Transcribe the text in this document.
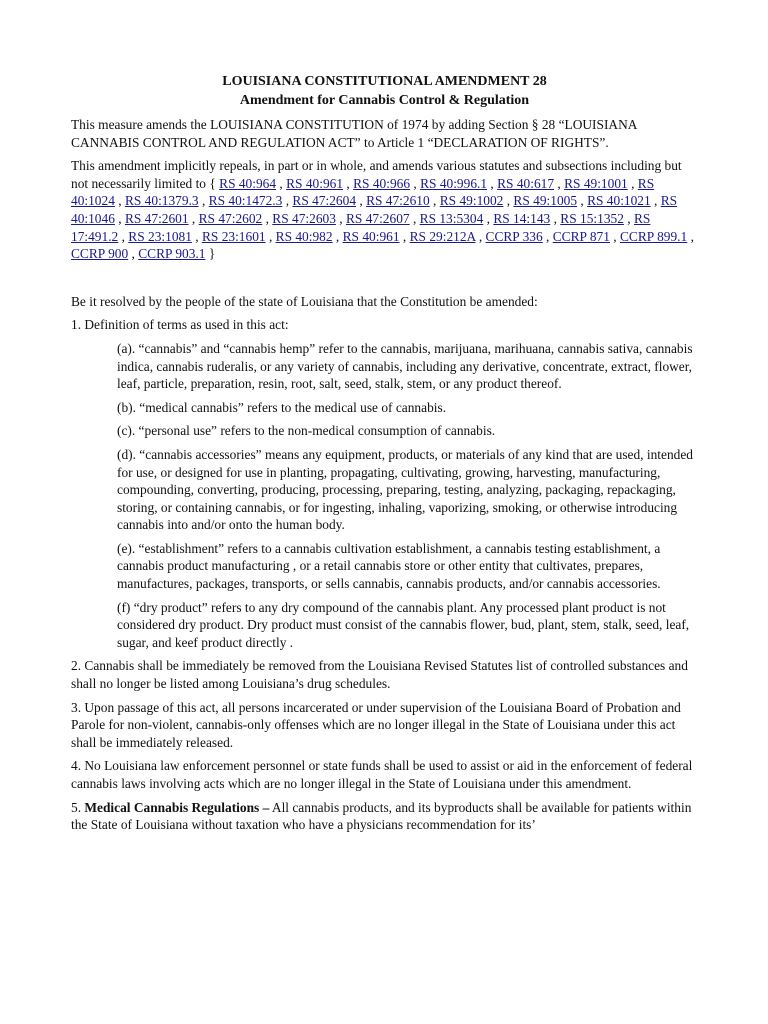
LOUISIANA CONSTITUTIONAL AMENDMENT 28
Amendment for Cannabis Control & Regulation

This measure amends the LOUISIANA CONSTITUTION of 1974 by adding Section § 28 “LOUISIANA CANNABIS CONTROL AND REGULATION ACT” to Article 1 “DECLARATION OF RIGHTS”.

This amendment implicitly repeals, in part or in whole, and amends various statutes and subsections including but not necessarily limited to { RS 40:964 , RS 40:961 , RS 40:966 , RS 40:996.1 , RS 40:617 , RS 49:1001 , RS 40:1024 , RS 40:1379.3 , RS 40:1472.3 , RS 47:2604 , RS 47:2610 , RS 49:1002 , RS 49:1005 , RS 40:1021 , RS 40:1046 , RS 47:2601 , RS 47:2602 , RS 47:2603 , RS 47:2607 , RS 13:5304 , RS 14:143 , RS 15:1352 , RS 17:491.2 , RS 23:1081 , RS 23:1601 , RS 40:982 , RS 40:961 , RS 29:212A , CCRP 336 , CCRP 871 , CCRP 899.1 , CCRP 900 , CCRP 903.1 }

Be it resolved by the people of the state of Louisiana that the Constitution be amended:

1. Definition of terms as used in this act:

(a). “cannabis” and “cannabis hemp” refer to the cannabis, marijuana, marihuana, cannabis sativa, cannabis indica, cannabis ruderalis, or any variety of cannabis, including any derivative, concentrate, extract, flower, leaf, particle, preparation, resin, root, salt, seed, stalk, stem, or any product thereof.

(b). “medical cannabis” refers to the medical use of cannabis.

(c). “personal use” refers to the non-medical consumption of cannabis.

(d). “cannabis accessories” means any equipment, products, or materials of any kind that are used, intended for use, or designed for use in planting, propagating, cultivating, growing, harvesting, manufacturing, compounding, converting, producing, processing, preparing, testing, analyzing, packaging, repackaging, storing, or containing cannabis, or for ingesting, inhaling, vaporizing, smoking, or otherwise introducing cannabis into and/or onto the human body.

(e). “establishment” refers to a cannabis cultivation establishment, a cannabis testing establishment, a cannabis product manufacturing , or a retail cannabis store or other entity that cultivates, prepares, manufactures, packages, transports, or sells cannabis, cannabis products, and/or cannabis accessories.

(f) “dry product” refers to any dry compound of the cannabis plant. Any processed plant product is not considered dry product. Dry product must consist of the cannabis flower, bud, plant, stem, stalk, seed, leaf, sugar, and keef product directly .

2. Cannabis shall be immediately be removed from the Louisiana Revised Statutes list of controlled substances and shall no longer be listed among Louisiana’s drug schedules.

3. Upon passage of this act, all persons incarcerated or under supervision of the Louisiana Board of Probation and Parole for non-violent, cannabis-only offenses which are no longer illegal in the State of Louisiana under this act shall be immediately released.

4. No Louisiana law enforcement personnel or state funds shall be used to assist or aid in the enforcement of federal cannabis laws involving acts which are no longer illegal in the State of Louisiana under this amendment.

5. Medical Cannabis Regulations – All cannabis products, and its byproducts shall be available for patients within the State of Louisiana without taxation who have a physicians recommendation for its’
